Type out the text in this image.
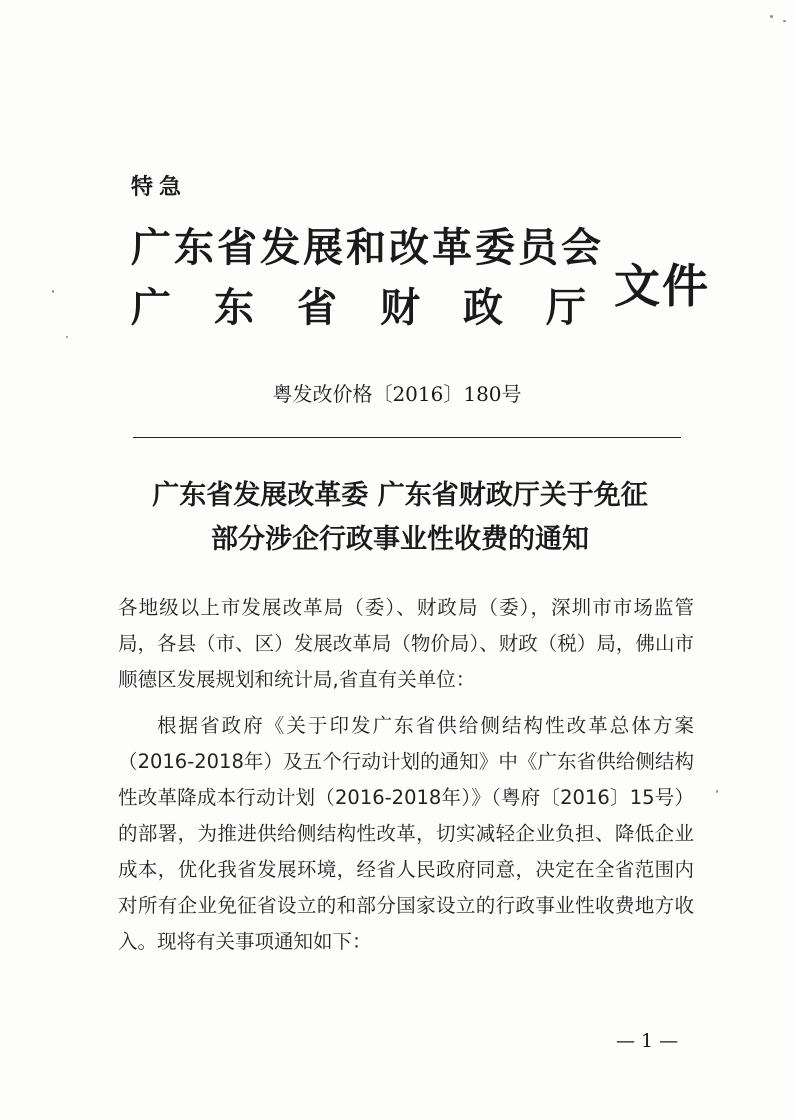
特急
广东省发展和改革委员会
广东省财政厅
文件
粤发改价格〔2016〕180号
广东省发展改革委 广东省财政厅关于免征
部分涉企行政事业性收费的通知
各地级以上市发展改革局（委）、财政局（委），深圳市市场监管局，各县（市、区）发展改革局（物价局）、财政（税）局，佛山市顺德区发展规划和统计局,省直有关单位：
根据省政府《关于印发广东省供给侧结构性改革总体方案（2016-2018年）及五个行动计划的通知》中《广东省供给侧结构性改革降成本行动计划（2016-2018年）》（粤府〔2016〕15号）的部署，为推进供给侧结构性改革，切实减轻企业负担、降低企业成本，优化我省发展环境，经省人民政府同意，决定在全省范围内对所有企业免征省设立的和部分国家设立的行政事业性收费地方收入。现将有关事项通知如下：
— 1 —
